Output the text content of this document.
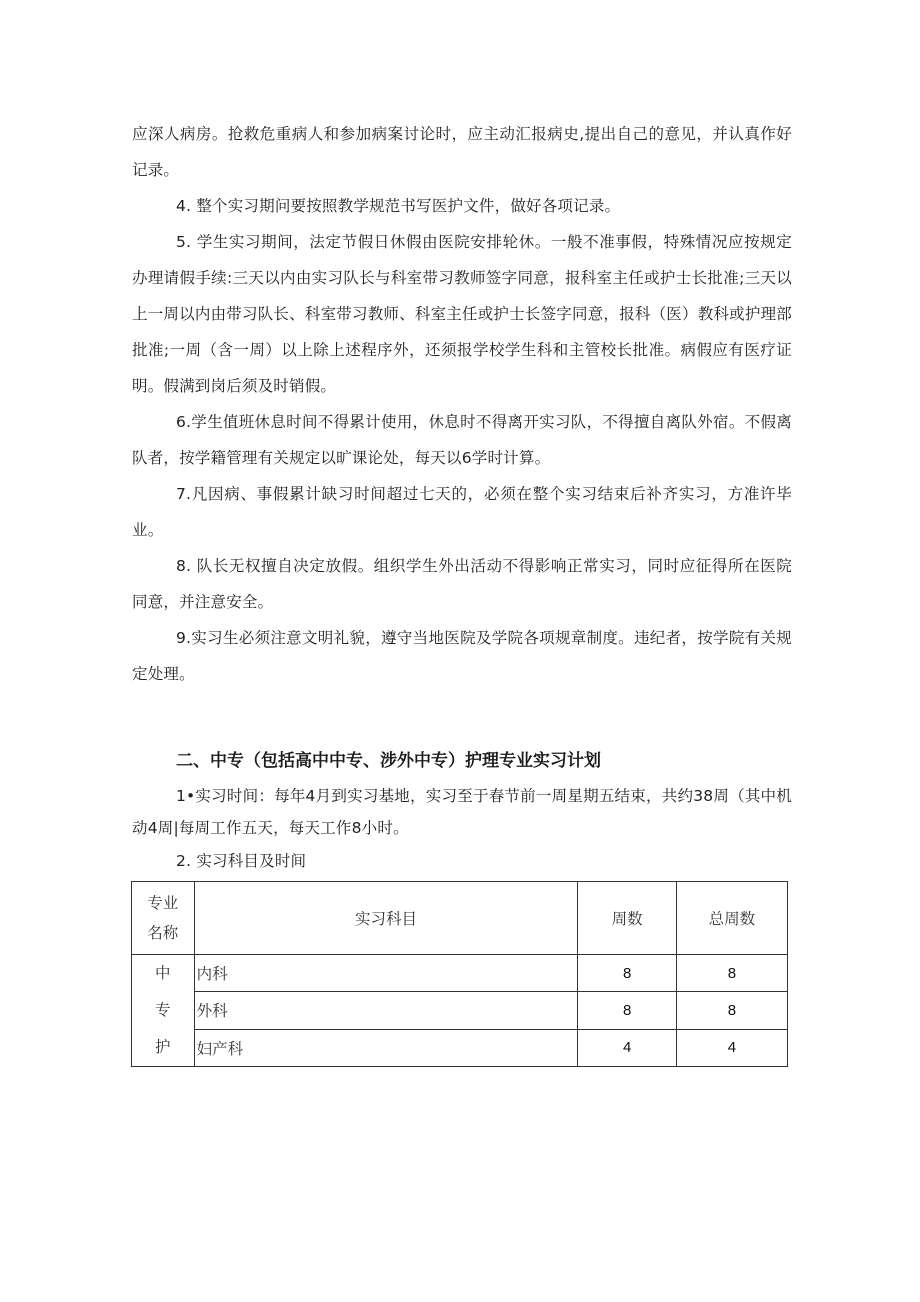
应深人病房。抢救危重病人和参加病案讨论时，应主动汇报病史,提出自己的意见，并认真作好记录。
4. 整个实习期问要按照教学规范书写医护文件，做好各项记录。
5. 学生实习期间，法定节假日休假由医院安排轮休。一般不准事假，特殊情况应按规定办理请假手续:三天以内由实习队长与科室带习教师签字同意，报科室主任或护士长批准;三天以上一周以内由带习队长、科室带习教师、科室主任或护士长签字同意，报科（医）教科或护理部批准;一周（含一周）以上除上述程序外，还须报学校学生科和主管校长批准。病假应有医疗证明。假满到岗后须及时销假。
6.学生值班休息时间不得累计使用，休息时不得离开实习队，不得擅自离队外宿。不假离队者，按学籍管理有关规定以旷课论处，每天以6学时计算。
7.凡因病、事假累计缺习时间超过七天的，必须在整个实习结束后补齐实习，方准许毕业。
8. 队长无权擅自决定放假。组织学生外出活动不得影响正常实习，同时应征得所在医院同意，并注意安全。
9.实习生必须注意文明礼貌，遵守当地医院及学院各项规章制度。违纪者，按学院有关规定处理。
二、中专（包括高中中专、涉外中专）护理专业实习计划
1•实习时间：每年4月到实习基地，实习至于春节前一周星期五结束，共约38周（其中机动4周|每周工作五天，每天工作8小时。
2. 实习科目及时间
专业
名称	实习科目	周数	总周数

中
专
护	内科	8	8
	外科	8	8
	妇产科	4	4
